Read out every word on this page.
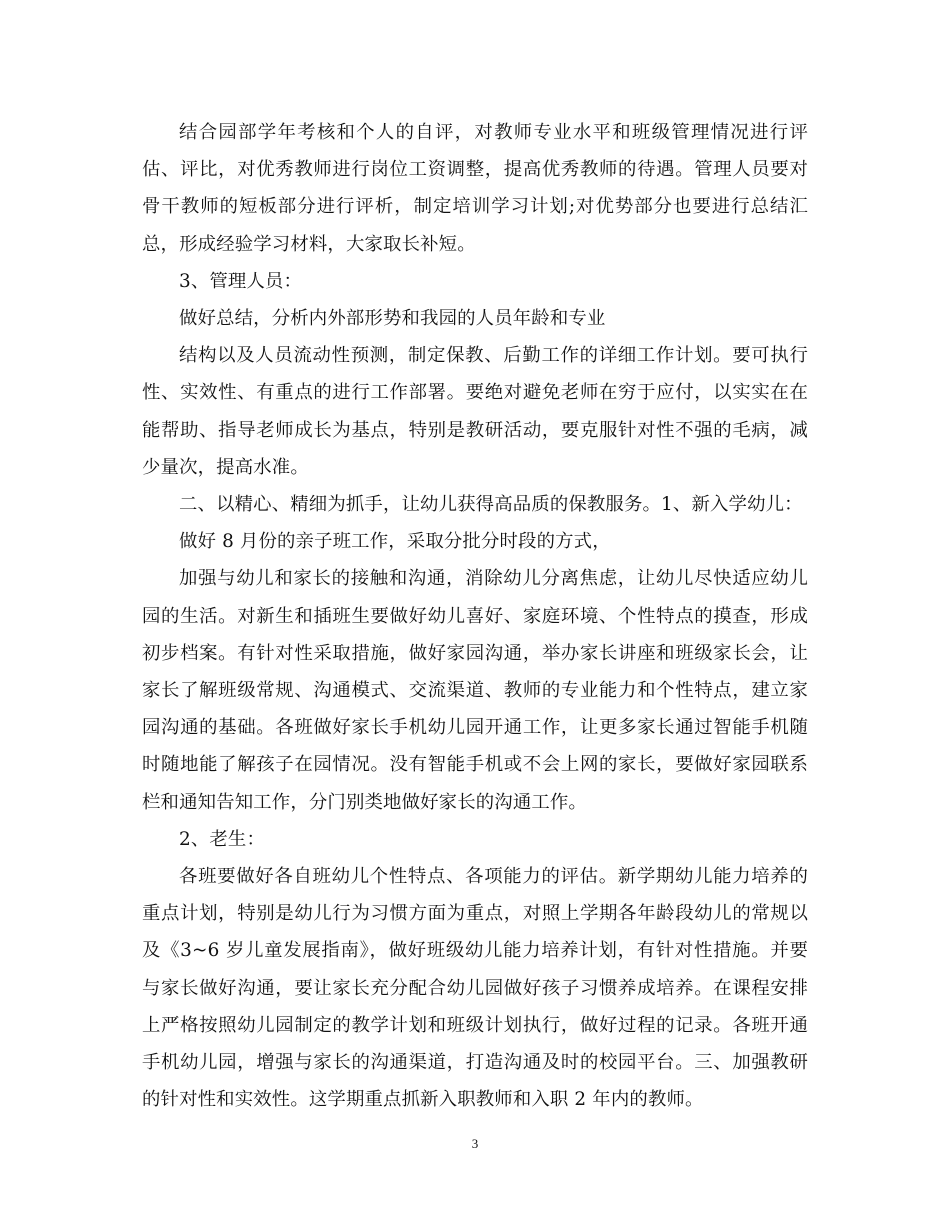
结合园部学年考核和个人的自评，对教师专业水平和班级管理情况进行评估、评比，对优秀教师进行岗位工资调整，提高优秀教师的待遇。管理人员要对骨干教师的短板部分进行评析，制定培训学习计划;对优势部分也要进行总结汇总，形成经验学习材料，大家取长补短。

3、管理人员：

做好总结，分析内外部形势和我园的人员年龄和专业

结构以及人员流动性预测，制定保教、后勤工作的详细工作计划。要可执行性、实效性、有重点的进行工作部署。要绝对避免老师在穷于应付，以实实在在能帮助、指导老师成长为基点，特别是教研活动，要克服针对性不强的毛病，减少量次，提高水准。

二、以精心、精细为抓手，让幼儿获得高品质的保教服务。1、新入学幼儿：

做好 8 月份的亲子班工作，采取分批分时段的方式，

加强与幼儿和家长的接触和沟通，消除幼儿分离焦虑，让幼儿尽快适应幼儿园的生活。对新生和插班生要做好幼儿喜好、家庭环境、个性特点的摸查，形成初步档案。有针对性采取措施，做好家园沟通，举办家长讲座和班级家长会，让家长了解班级常规、沟通模式、交流渠道、教师的专业能力和个性特点，建立家园沟通的基础。各班做好家长手机幼儿园开通工作，让更多家长通过智能手机随时随地能了解孩子在园情况。没有智能手机或不会上网的家长，要做好家园联系栏和通知告知工作，分门别类地做好家长的沟通工作。

2、老生：

各班要做好各自班幼儿个性特点、各项能力的评估。新学期幼儿能力培养的重点计划，特别是幼儿行为习惯方面为重点，对照上学期各年龄段幼儿的常规以及《3~6 岁儿童发展指南》，做好班级幼儿能力培养计划，有针对性措施。并要与家长做好沟通，要让家长充分配合幼儿园做好孩子习惯养成培养。在课程安排上严格按照幼儿园制定的教学计划和班级计划执行，做好过程的记录。各班开通手机幼儿园，增强与家长的沟通渠道，打造沟通及时的校园平台。三、加强教研的针对性和实效性。这学期重点抓新入职教师和入职 2 年内的教师。

3
